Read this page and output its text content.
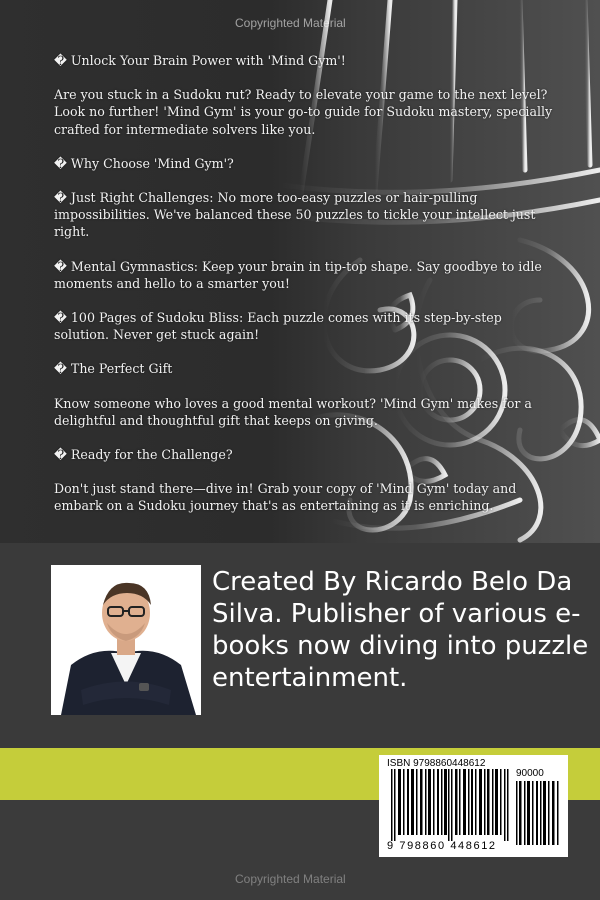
Copyrighted Material

� Unlock Your Brain Power with 'Mind Gym'!

Are you stuck in a Sudoku rut? Ready to elevate your game to the next level? Look no further! 'Mind Gym' is your go-to guide for Sudoku mastery, specially crafted for intermediate solvers like you.

� Why Choose 'Mind Gym'?

� Just Right Challenges: No more too-easy puzzles or hair-pulling impossibilities. We've balanced these 50 puzzles to tickle your intellect just right.

� Mental Gymnastics: Keep your brain in tip-top shape. Say goodbye to idle moments and hello to a smarter you!

� 100 Pages of Sudoku Bliss: Each puzzle comes with its step-by-step solution. Never get stuck again!

� The Perfect Gift

Know someone who loves a good mental workout? 'Mind Gym' makes for a delightful and thoughtful gift that keeps on giving.

� Ready for the Challenge?

Don't just stand there—dive in! Grab your copy of 'Mind Gym' today and embark on a Sudoku journey that's as entertaining as it is enriching.

Created By Ricardo Belo Da Silva. Publisher of various e-books now diving into puzzle entertainment.
ISBN 9798860448612
90000
9 798860 448612
Copyrighted Material
